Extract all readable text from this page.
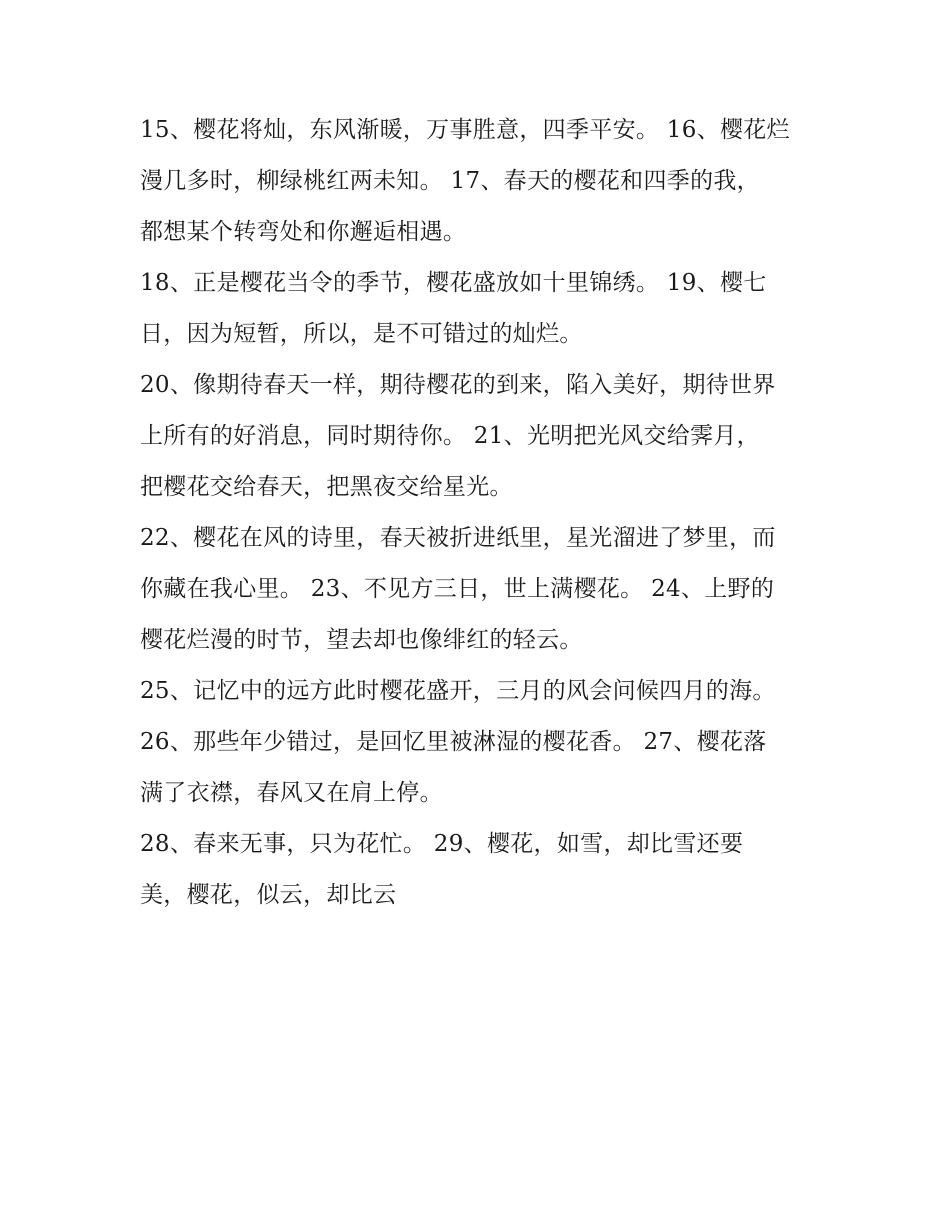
15、樱花将灿，东风渐暖，万事胜意，四季平安。 16、樱花烂
漫几多时，柳绿桃红两未知。 17、春天的樱花和四季的我，
都想某个转弯处和你邂逅相遇。
18、正是樱花当令的季节，樱花盛放如十里锦绣。 19、樱七
日，因为短暂，所以，是不可错过的灿烂。
20、像期待春天一样，期待樱花的到来，陷入美好，期待世界
上所有的好消息，同时期待你。 21、光明把光风交给霁月，
把樱花交给春天，把黑夜交给星光。
22、樱花在风的诗里，春天被折进纸里，星光溜进了梦里，而
你藏在我心里。 23、不见方三日，世上满樱花。 24、上野的
樱花烂漫的时节，望去却也像绯红的轻云。
25、记忆中的远方此时樱花盛开，三月的风会问候四月的海。
26、那些年少错过，是回忆里被淋湿的樱花香。 27、樱花落
满了衣襟，春风又在肩上停。
28、春来无事，只为花忙。 29、樱花，如雪，却比雪还要
美，樱花，似云，却比云
